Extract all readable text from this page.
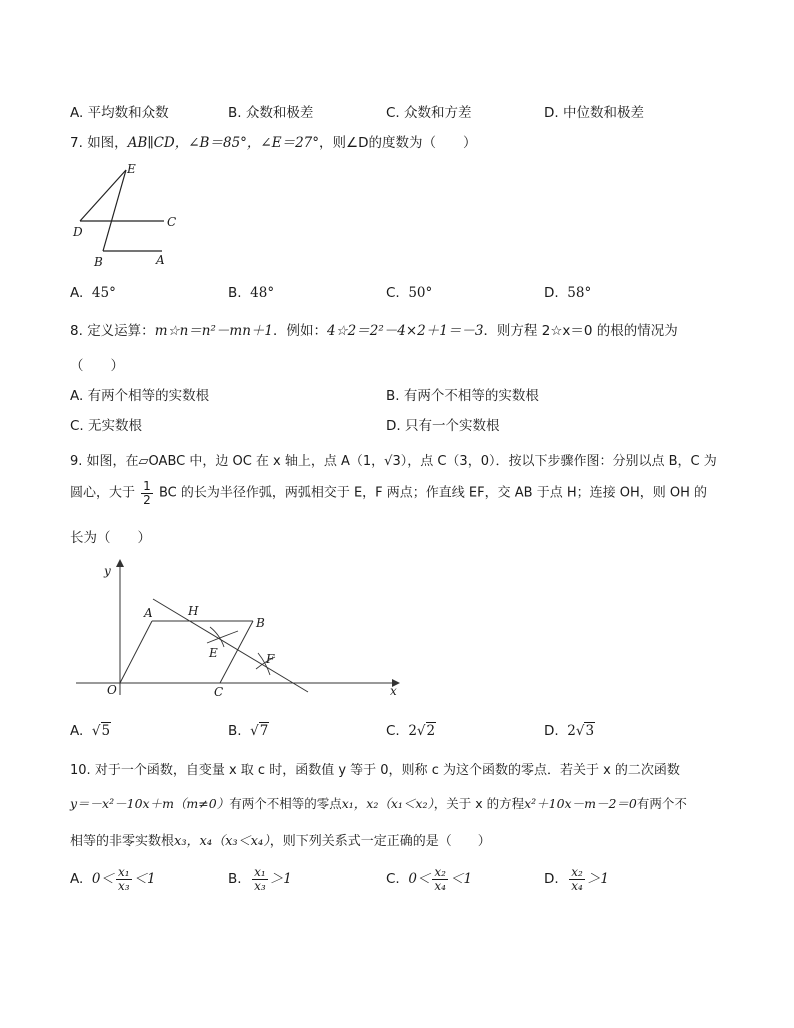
A. 平均数和众数	B. 众数和极差	C. 众数和方差	D. 中位数和极差
7. 如图，AB∥CD，∠B＝85°，∠E＝27°，则∠D的度数为（　　）
E
C
D
B	A
A. 45°	B. 48°	C. 50°	D. 58°
8. 定义运算：m☆n＝n²－mn＋1．例如：4☆2＝2²－4×2＋1＝－3．则方程 2☆x＝0 的根的情况为
（　　）
A. 有两个相等的实数根	B. 有两个不相等的实数根
C. 无实数根	D. 只有一个实数根
9. 如图，在▱OABC 中，边 OC 在 x 轴上，点 A（1，√3），点 C（3，0）．按以下步骤作图：分别以点 B，C 为
圆心，大于 $\frac{1}{2}$ BC 的长为半径作弧，两弧相交于 E，F 两点；作直线 EF，交 AB 于点 H；连接 OH，则 OH 的
长为（　　）
y
x
O
A	H
B
E	F
C
A. √5	B. √7	C. 2√2	D. 2√3
10. 对于一个函数，自变量 x 取 c 时，函数值 y 等于 0，则称 c 为这个函数的零点．若关于 x 的二次函数
y＝－x²－10x＋m（m≠0）有两个不相等的零点x₁，x₂（x₁＜x₂），关于 x 的方程x²＋10x－m－2＝0有两个不
相等的非零实数根x₃，x₄（x₃＜x₄），则下列关系式一定正确的是（　　）
A. $0< \frac{\text{x₁}}{\text{x₃}} <1$	B. $\frac{\text{x₁}}{\text{x₃}} >1$	C. $0< \frac{\text{x₂}}{\text{x₄}} <1$	D. $\frac{\text{x₂}}{\text{x₄}} >1$
